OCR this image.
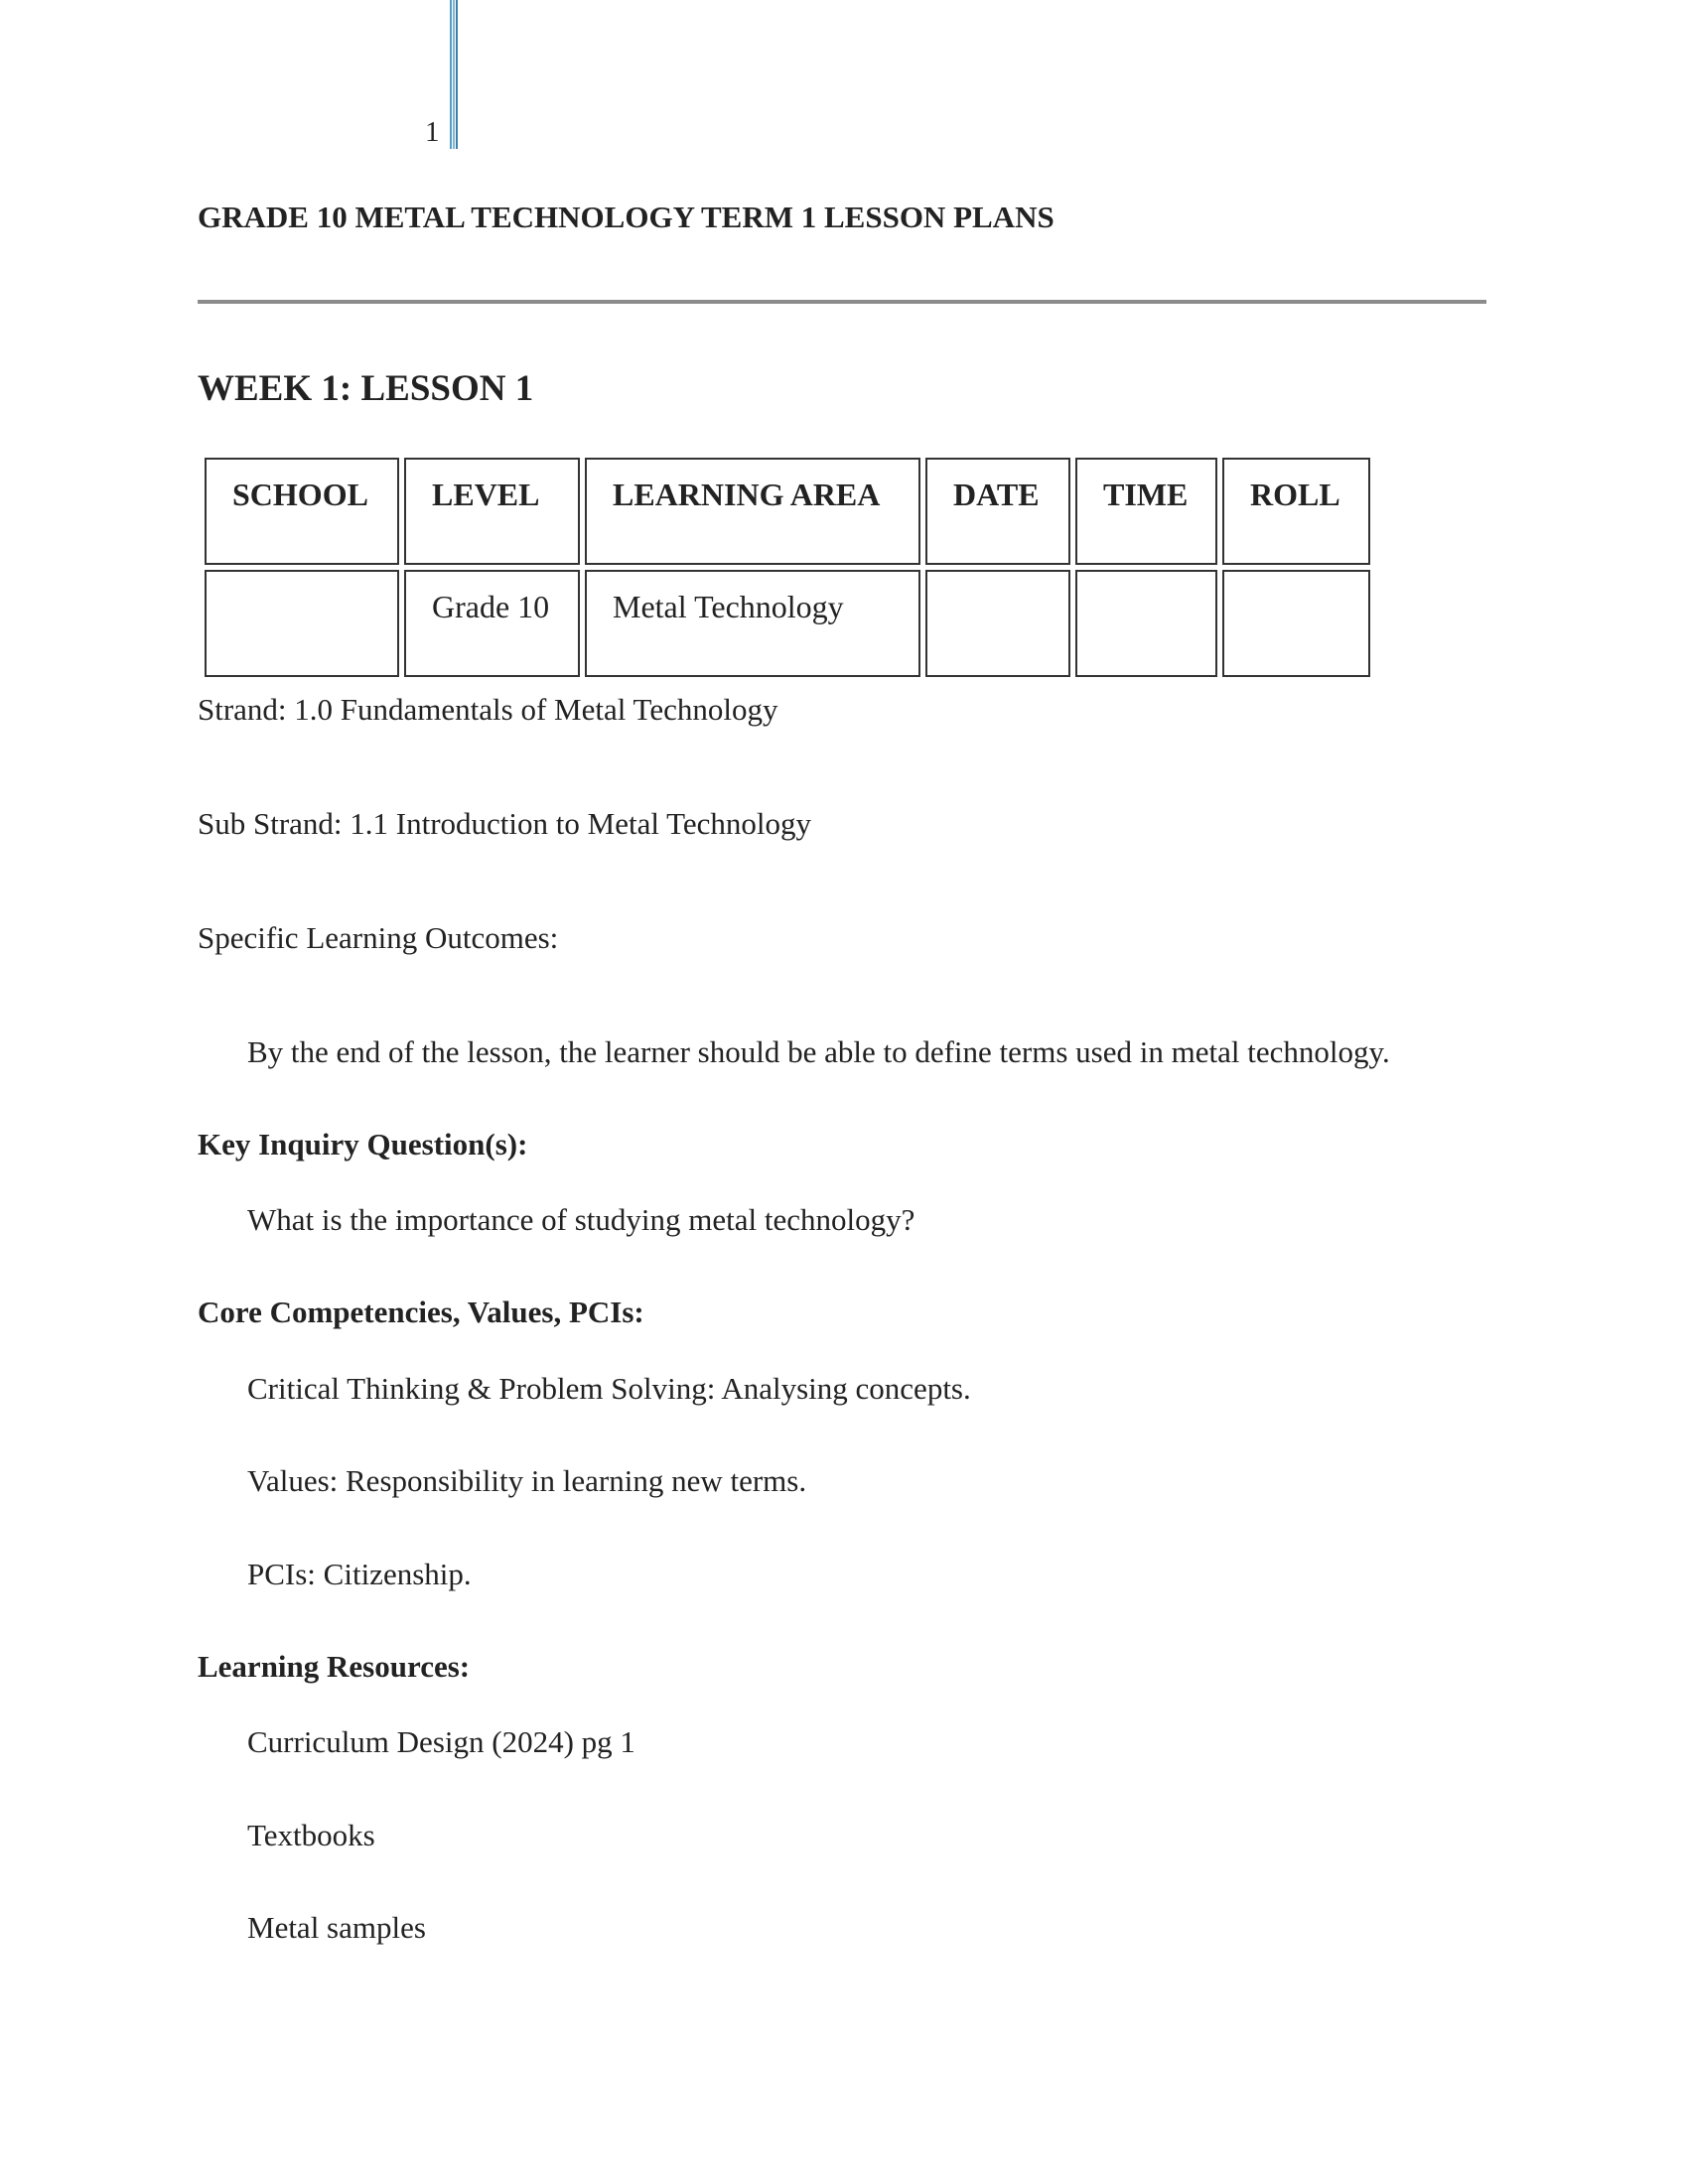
1
GRADE 10 METAL TECHNOLOGY TERM 1 LESSON PLANS
WEEK 1: LESSON 1
SCHOOL	LEVEL	LEARNING AREA	DATE	TIME	ROLL
	Grade 10	Metal Technology			

Strand: 1.0 Fundamentals of Metal Technology

Sub Strand: 1.1 Introduction to Metal Technology

Specific Learning Outcomes:

By the end of the lesson, the learner should be able to define terms used in metal technology.

Key Inquiry Question(s):

What is the importance of studying metal technology?

Core Competencies, Values, PCIs:

Critical Thinking & Problem Solving: Analysing concepts.

Values: Responsibility in learning new terms.

PCIs: Citizenship.

Learning Resources:

Curriculum Design (2024) pg 1

Textbooks

Metal samples
